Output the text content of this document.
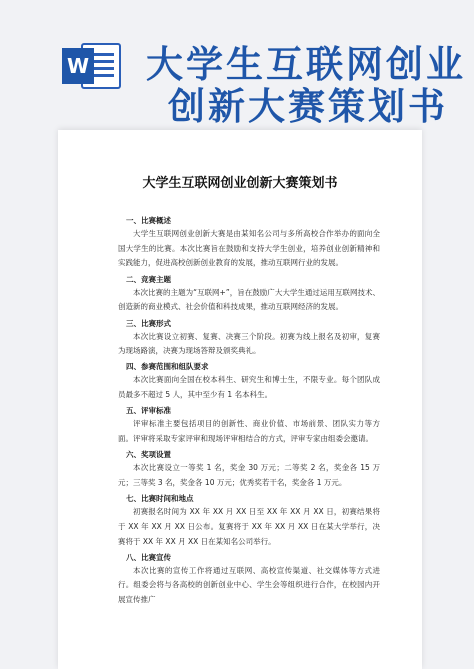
W 大学生互联网创业
创新大赛策划书
大学生互联网创业创新大赛策划书
一、比赛概述

大学生互联网创业创新大赛是由某知名公司与多所高校合作举办的面向全国大学生的比赛。本次比赛旨在鼓励和支持大学生创业，培养创业创新精神和实践能力，促进高校创新创业教育的发展，推动互联网行业的发展。

二、竞赛主题

本次比赛的主题为“互联网+”，旨在鼓励广大大学生通过运用互联网技术、创造新的商业模式、社会价值和科技成果，推动互联网经济的发展。

三、比赛形式

本次比赛设立初赛、复赛、决赛三个阶段。初赛为线上报名及初审，复赛为现场路演，决赛为现场答辩及颁奖典礼。

四、参赛范围和组队要求

本次比赛面向全国在校本科生、研究生和博士生，不限专业。每个团队成员最多不超过 5 人，其中至少有 1 名本科生。

五、评审标准

评审标准主要包括项目的创新性、商业价值、市场前景、团队实力等方面。评审将采取专家评审和现场评审相结合的方式，评审专家由组委会邀请。

六、奖项设置

本次比赛设立一等奖 1 名，奖金 30 万元；二等奖 2 名，奖金各 15 万元；三等奖 3 名，奖金各 10 万元；优秀奖若干名，奖金各 1 万元。

七、比赛时间和地点

初赛报名时间为 XX 年 XX 月 XX 日至 XX 年 XX 月 XX 日，初赛结果将于 XX 年 XX 月 XX 日公布。复赛将于 XX 年 XX 月 XX 日在某大学举行，决赛将于 XX 年 XX 月 XX 日在某知名公司举行。

八、比赛宣传

本次比赛的宣传工作将通过互联网、高校宣传渠道、社交媒体等方式进行。组委会将与各高校的创新创业中心、学生会等组织进行合作，在校园内开展宣传推广
